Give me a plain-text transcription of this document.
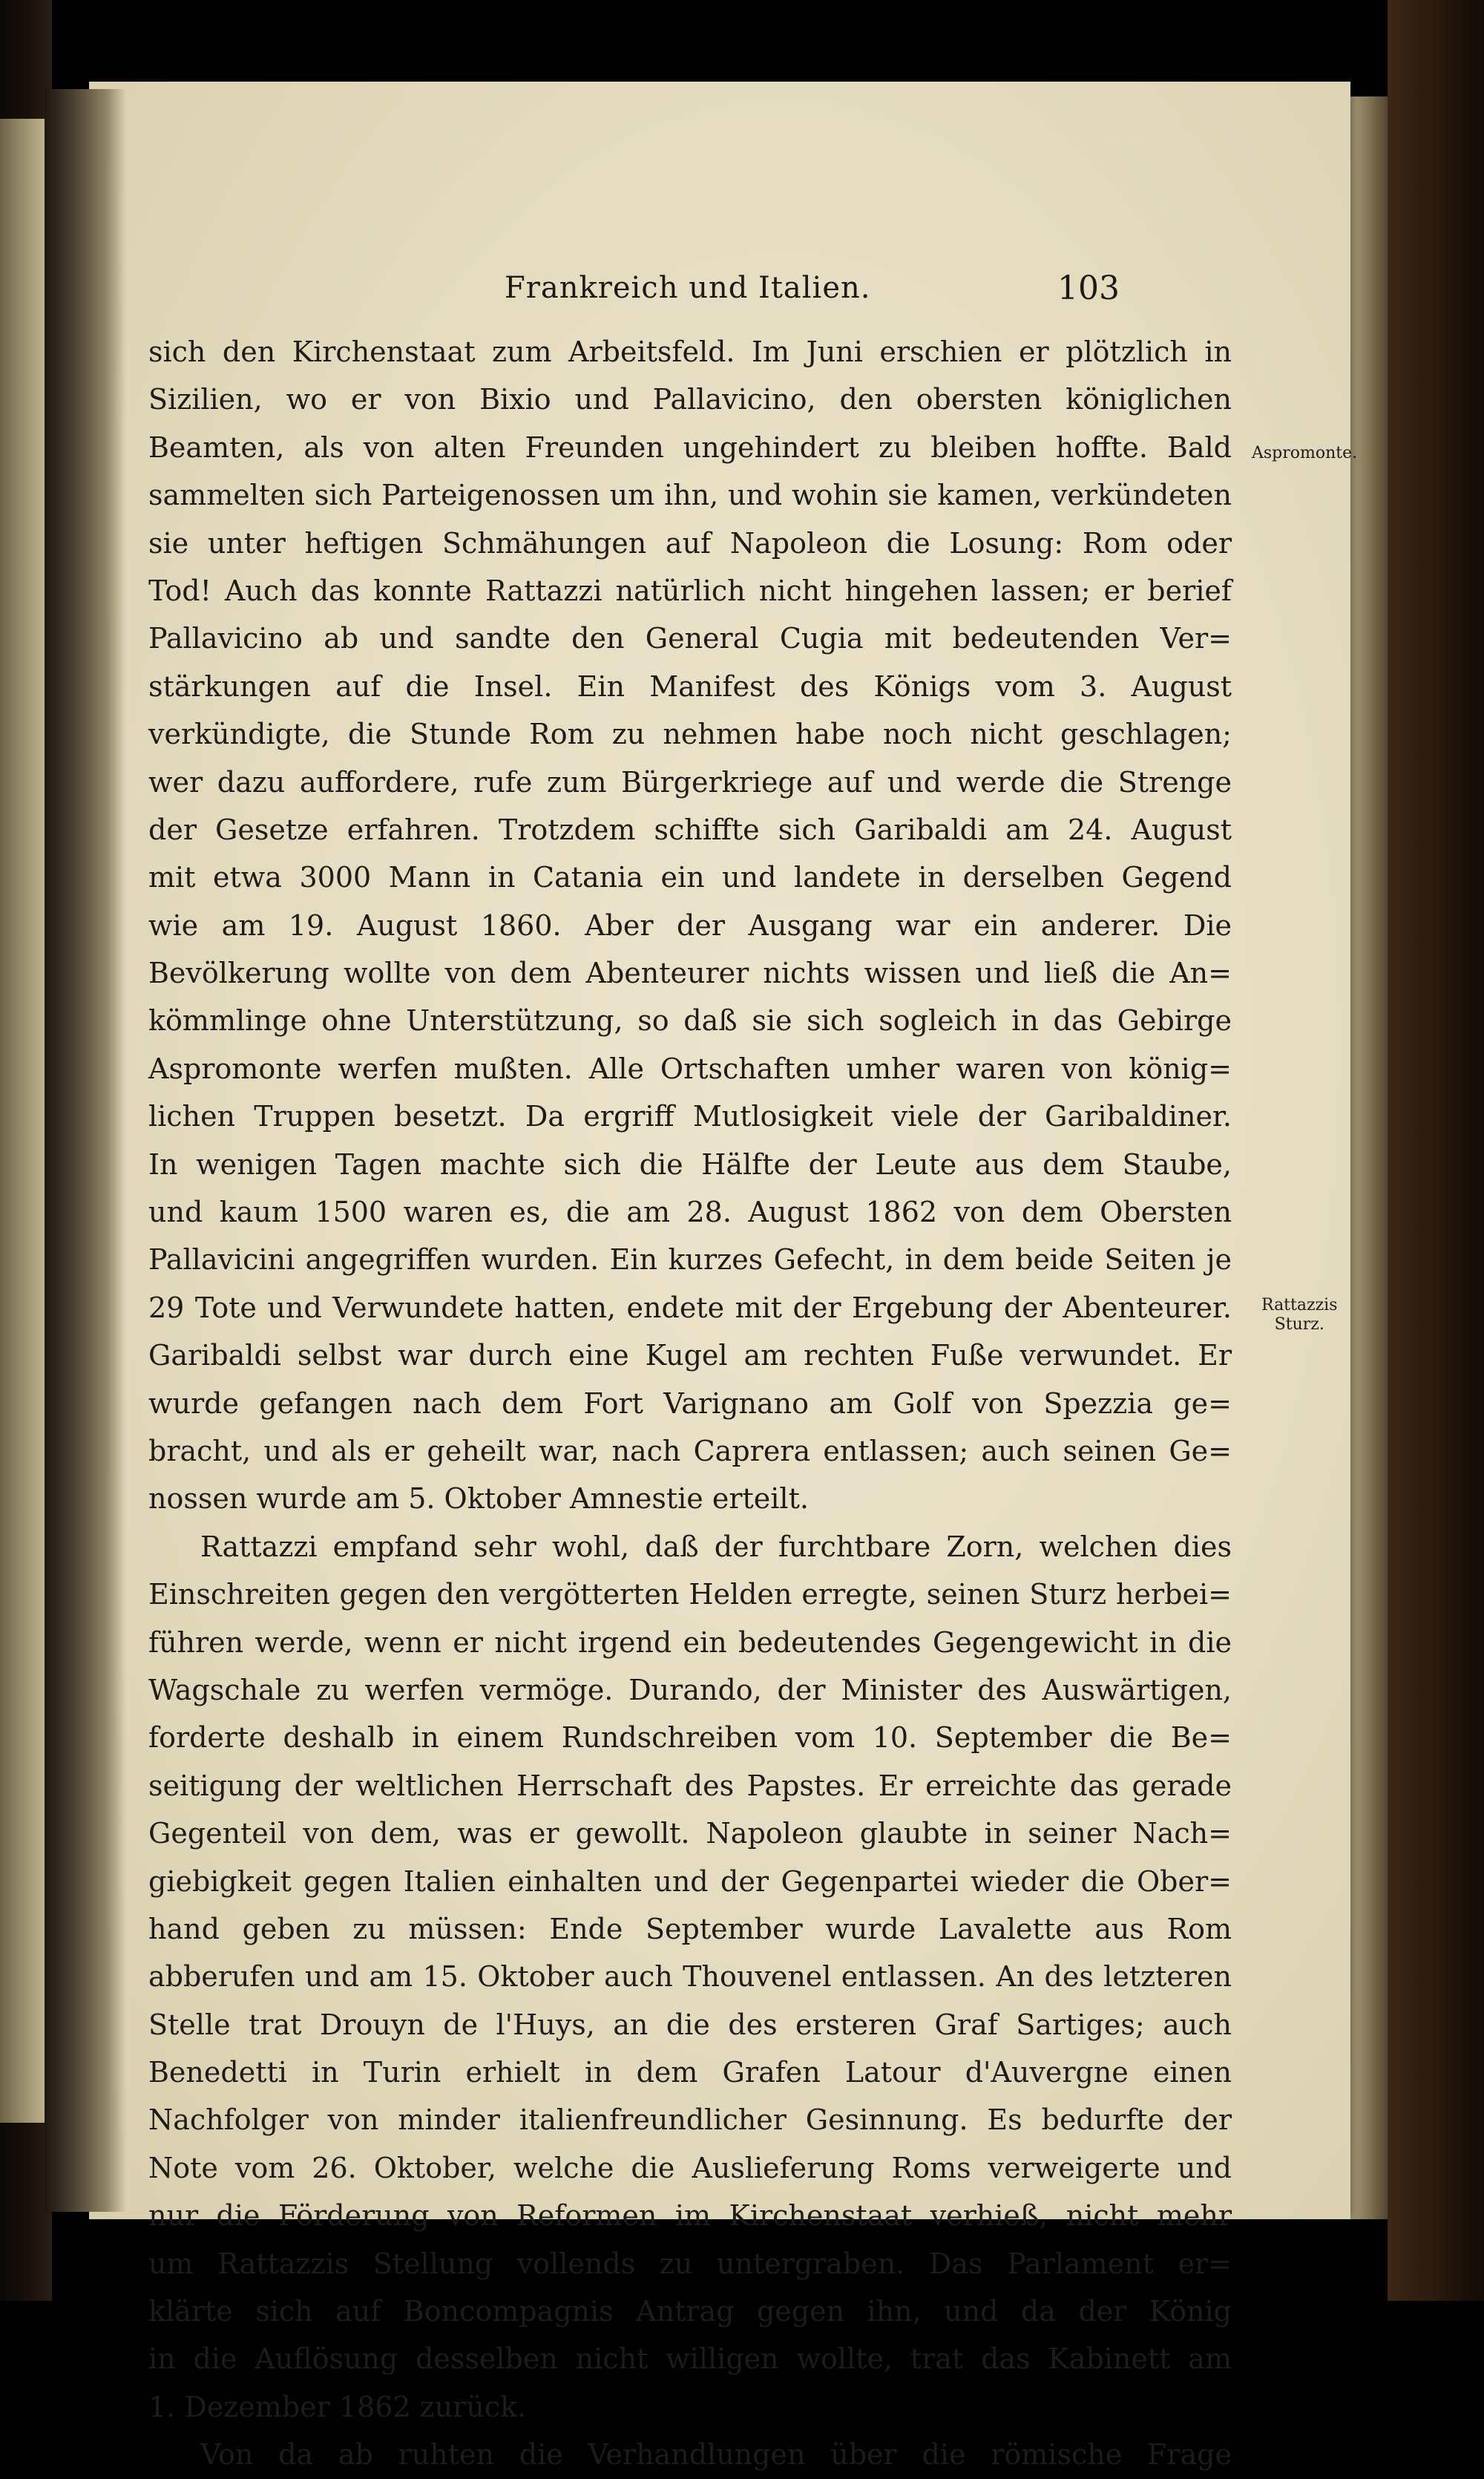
Frankreich und Italien.	103
sich den Kirchenstaat zum Arbeitsfeld. Im Juni erschien er plötzlich in
Sizilien, wo er von Bixio und Pallavicino, den obersten königlichen
Beamten, als von alten Freunden ungehindert zu bleiben hoffte. Bald
sammelten sich Parteigenossen um ihn, und wohin sie kamen, verkündeten
sie unter heftigen Schmähungen auf Napoleon die Losung: Rom oder
Tod! Auch das konnte Rattazzi natürlich nicht hingehen lassen; er berief
Pallavicino ab und sandte den General Cugia mit bedeutenden Ver=
stärkungen auf die Insel. Ein Manifest des Königs vom 3. August
verkündigte, die Stunde Rom zu nehmen habe noch nicht geschlagen;
wer dazu auffordere, rufe zum Bürgerkriege auf und werde die Strenge
der Gesetze erfahren. Trotzdem schiffte sich Garibaldi am 24. August
mit etwa 3000 Mann in Catania ein und landete in derselben Gegend
wie am 19. August 1860. Aber der Ausgang war ein anderer. Die
Bevölkerung wollte von dem Abenteurer nichts wissen und ließ die An=
kömmlinge ohne Unterstützung, so daß sie sich sogleich in das Gebirge
Aspromonte werfen mußten. Alle Ortschaften umher waren von könig=
lichen Truppen besetzt. Da ergriff Mutlosigkeit viele der Garibaldiner.
In wenigen Tagen machte sich die Hälfte der Leute aus dem Staube,
und kaum 1500 waren es, die am 28. August 1862 von dem Obersten
Pallavicini angegriffen wurden. Ein kurzes Gefecht, in dem beide Seiten je
29 Tote und Verwundete hatten, endete mit der Ergebung der Abenteurer.
Garibaldi selbst war durch eine Kugel am rechten Fuße verwundet. Er
wurde gefangen nach dem Fort Varignano am Golf von Spezzia ge=
bracht, und als er geheilt war, nach Caprera entlassen; auch seinen Ge=
nossen wurde am 5. Oktober Amnestie erteilt.
Rattazzi empfand sehr wohl, daß der furchtbare Zorn, welchen dies
Einschreiten gegen den vergötterten Helden erregte, seinen Sturz herbei=
führen werde, wenn er nicht irgend ein bedeutendes Gegengewicht in die
Wagschale zu werfen vermöge. Durando, der Minister des Auswärtigen,
forderte deshalb in einem Rundschreiben vom 10. September die Be=
seitigung der weltlichen Herrschaft des Papstes. Er erreichte das gerade
Gegenteil von dem, was er gewollt. Napoleon glaubte in seiner Nach=
giebigkeit gegen Italien einhalten und der Gegenpartei wieder die Ober=
hand geben zu müssen: Ende September wurde Lavalette aus Rom
abberufen und am 15. Oktober auch Thouvenel entlassen. An des letzteren
Stelle trat Drouyn de l'Huys, an die des ersteren Graf Sartiges; auch
Benedetti in Turin erhielt in dem Grafen Latour d'Auvergne einen
Nachfolger von minder italienfreundlicher Gesinnung. Es bedurfte der
Note vom 26. Oktober, welche die Auslieferung Roms verweigerte und
nur die Förderung von Reformen im Kirchenstaat verhieß, nicht mehr
um Rattazzis Stellung vollends zu untergraben. Das Parlament er=
klärte sich auf Boncompagnis Antrag gegen ihn, und da der König
in die Auflösung desselben nicht willigen wollte, trat das Kabinett am
1. Dezember 1862 zurück.
Von da ab ruhten die Verhandlungen über die römische Frage
Aspromonte.
Rattazzis
Sturz.
